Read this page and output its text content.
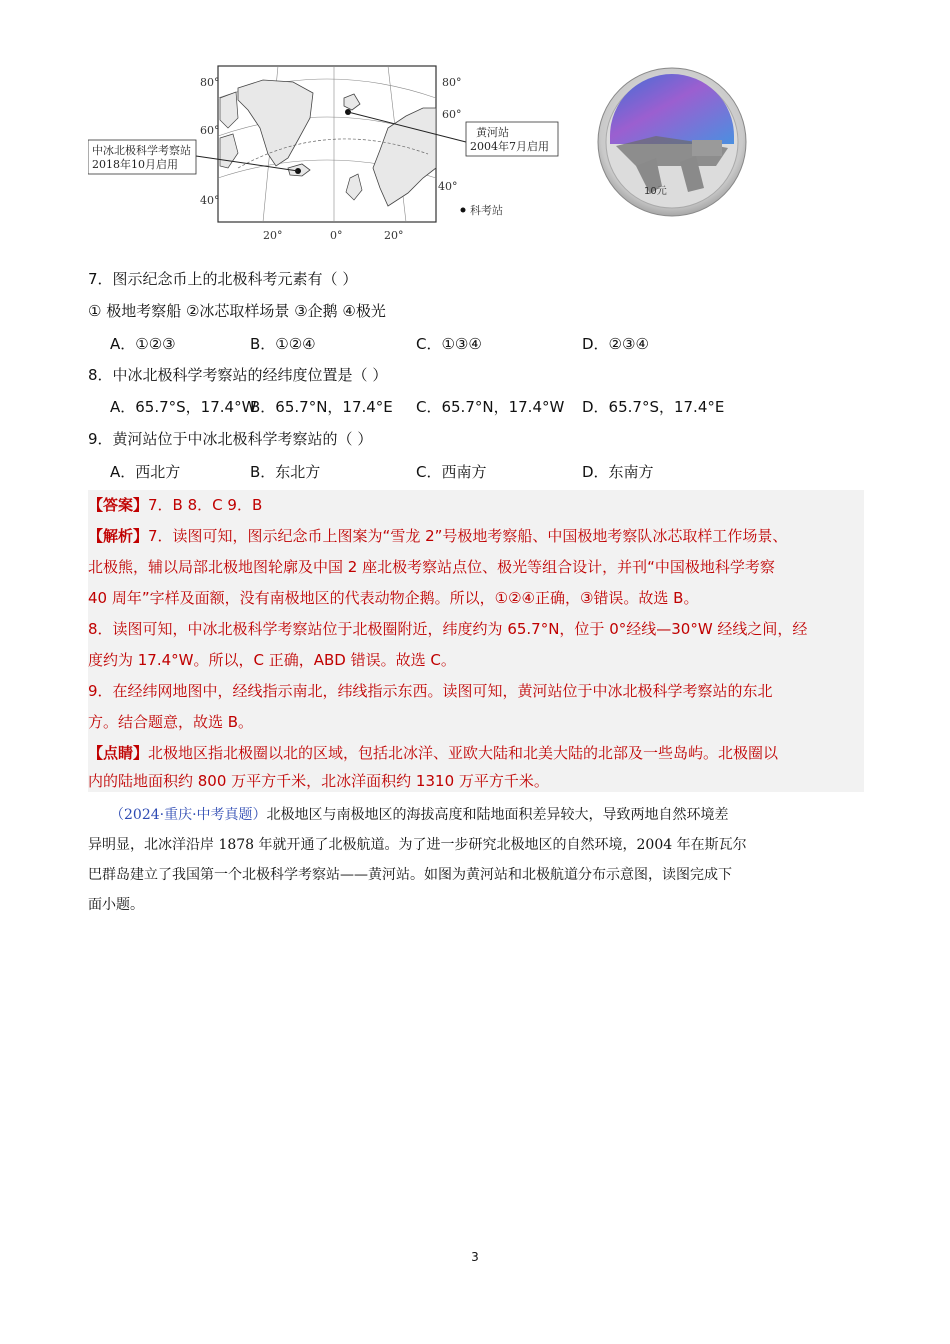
中冰北极科学考察站
2018年10月启用
黄河站
2004年7月启用
80°
60°
40°
80°
60°
40°
20°	0°	20°
科考站
10元
7．图示纪念币上的北极科考元素有（ ）
① 极地考察船 ②冰芯取样场景 ③企鹅 ④极光
A．①②③	B．①②④	C．①③④	D．②③④
8．中冰北极科学考察站的经纬度位置是（ ）
A．65.7°S，17.4°W
B．65.7°N，17.4°E C．65.7°N，17.4°W D．65.7°S，17.4°E
9．黄河站位于中冰北极科学考察站的（ ）
A．西北方	B．东北方	C．西南方	D．东南方
【答案】7．B 8．C 9．B
【解析】7．读图可知，图示纪念币上图案为“雪龙 2”号极地考察船、中国极地考察队冰芯取样工作场景、
北极熊，辅以局部北极地图轮廓及中国 2 座北极考察站点位、极光等组合设计，并刊“中国极地科学考察
40 周年”字样及面额，没有南极地区的代表动物企鹅。所以，①②④正确，③错误。故选 B。
8．读图可知，中冰北极科学考察站位于北极圈附近，纬度约为 65.7°N，位于 0°经线—30°W 经线之间，经
度约为 17.4°W。所以，C 正确，ABD 错误。故选 C。
9．在经纬网地图中，经线指示南北，纬线指示东西。读图可知，黄河站位于中冰北极科学考察站的东北
方。结合题意，故选 B。
【点睛】北极地区指北极圈以北的区域，包括北冰洋、亚欧大陆和北美大陆的北部及一些岛屿。北极圈以
内的陆地面积约 800 万平方千米，北冰洋面积约 1310 万平方千米。
（2024·重庆·中考真题）北极地区与南极地区的海拔高度和陆地面积差异较大，导致两地自然环境差
异明显，北冰洋沿岸 1878 年就开通了北极航道。为了进一步研究北极地区的自然环境，2004 年在斯瓦尔
巴群岛建立了我国第一个北极科学考察站——黄河站。如图为黄河站和北极航道分布示意图，读图完成下
面小题。
3
